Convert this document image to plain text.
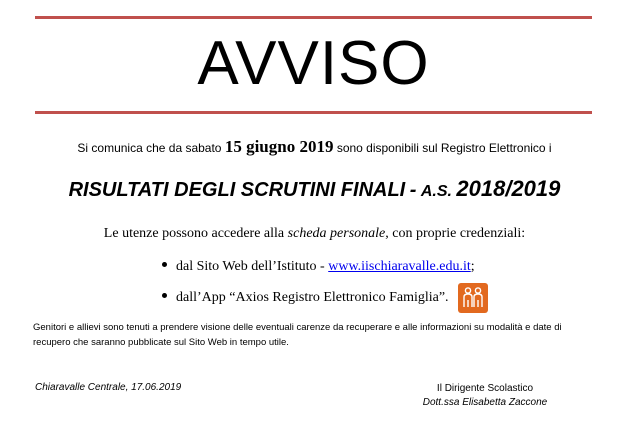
AVVISO
Si comunica che da sabato 15 giugno 2019 sono disponibili sul Registro Elettronico i
RISULTATI DEGLI SCRUTINI FINALI - A.S. 2018/2019
Le utenze possono accedere alla scheda personale, con proprie credenziali:
dal Sito Web dell’Istituto - www.iischiaravalle.edu.it;
dall’App “Axios Registro Elettronico Famiglia”.
Genitori e allievi sono tenuti a prendere visione delle eventuali carenze da recuperare e alle informazioni su modalità e date di recupero che saranno pubblicate sul Sito Web in tempo utile.
Chiaravalle Centrale, 17.06.2019	Il Dirigente Scolastico
Dott.ssa Elisabetta Zaccone
